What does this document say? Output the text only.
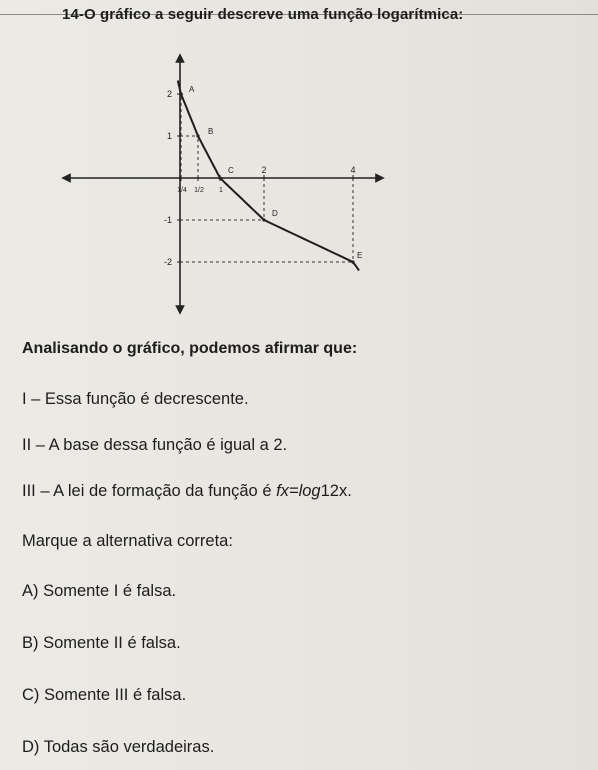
14-O gráfico a seguir descreve uma função logarítmica:
1/4 1/2 1
2	4
2
1
-1
-2
A
B
C
D
E
Analisando o gráfico, podemos afirmar que:
I – Essa função é decrescente.
II – A base dessa função é igual a 2.
III – A lei de formação da função é fx=log12x.
Marque a alternativa correta:
A) Somente I é falsa.
B) Somente II é falsa.
C) Somente III é falsa.
D) Todas são verdadeiras.
